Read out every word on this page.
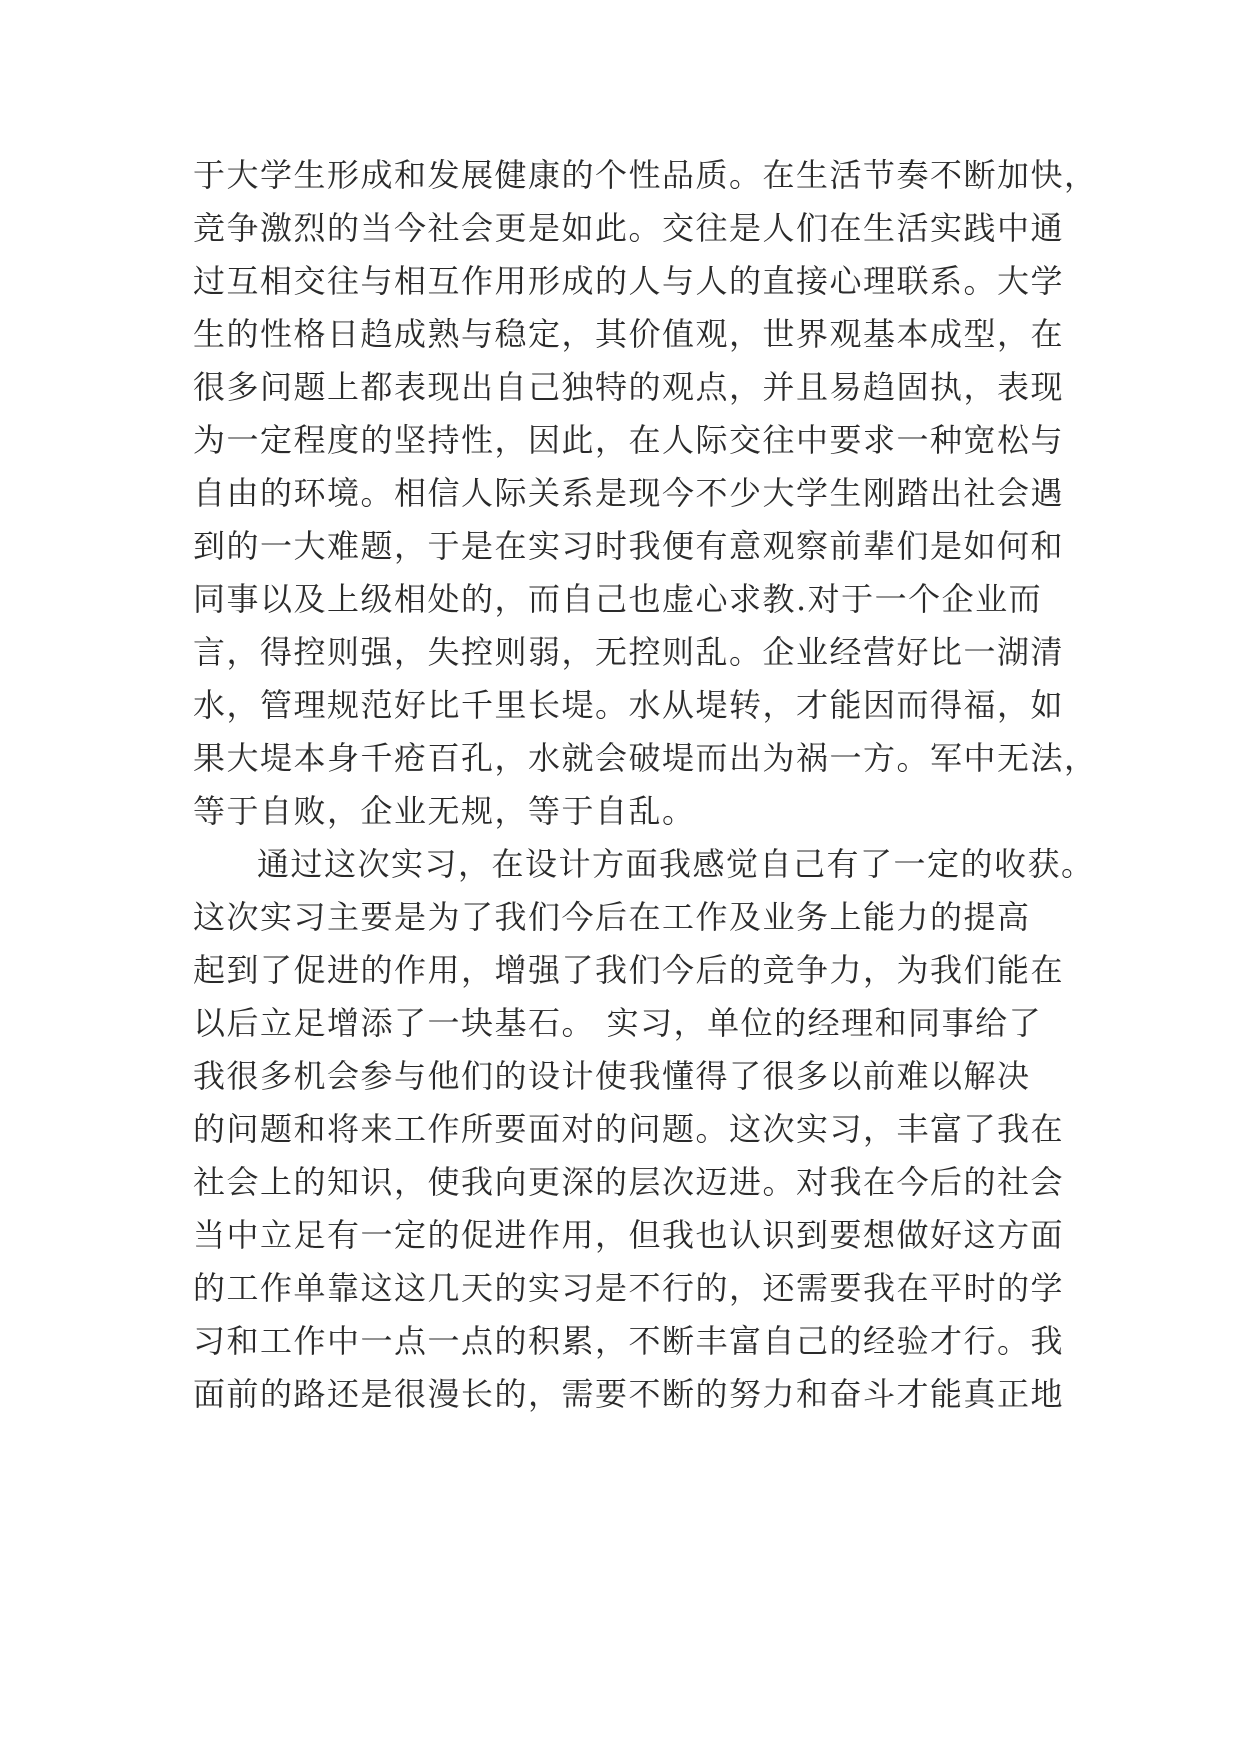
于大学生形成和发展健康的个性品质。在生活节奏不断加快，
竞争激烈的当今社会更是如此。交往是人们在生活实践中通
过互相交往与相互作用形成的人与人的直接心理联系。大学
生的性格日趋成熟与稳定，其价值观，世界观基本成型，在
很多问题上都表现出自己独特的观点，并且易趋固执，表现
为一定程度的坚持性，因此，在人际交往中要求一种宽松与
自由的环境。相信人际关系是现今不少大学生刚踏出社会遇
到的一大难题，于是在实习时我便有意观察前辈们是如何和
同事以及上级相处的，而自己也虚心求教.对于一个企业而
言，得控则强，失控则弱，无控则乱。企业经营好比一湖清
水，管理规范好比千里长堤。水从堤转，才能因而得福，如
果大堤本身千疮百孔，水就会破堤而出为祸一方。军中无法，
等于自败，企业无规，等于自乱。
通过这次实习，在设计方面我感觉自己有了一定的收获。
这次实习主要是为了我们今后在工作及业务上能力的提高
起到了促进的作用，增强了我们今后的竞争力，为我们能在
以后立足增添了一块基石。 实习，单位的经理和同事给了
我很多机会参与他们的设计使我懂得了很多以前难以解决
的问题和将来工作所要面对的问题。这次实习，丰富了我在
社会上的知识，使我向更深的层次迈进。对我在今后的社会
当中立足有一定的促进作用，但我也认识到要想做好这方面
的工作单靠这这几天的实习是不行的，还需要我在平时的学
习和工作中一点一点的积累，不断丰富自己的经验才行。我
面前的路还是很漫长的，需要不断的努力和奋斗才能真正地
